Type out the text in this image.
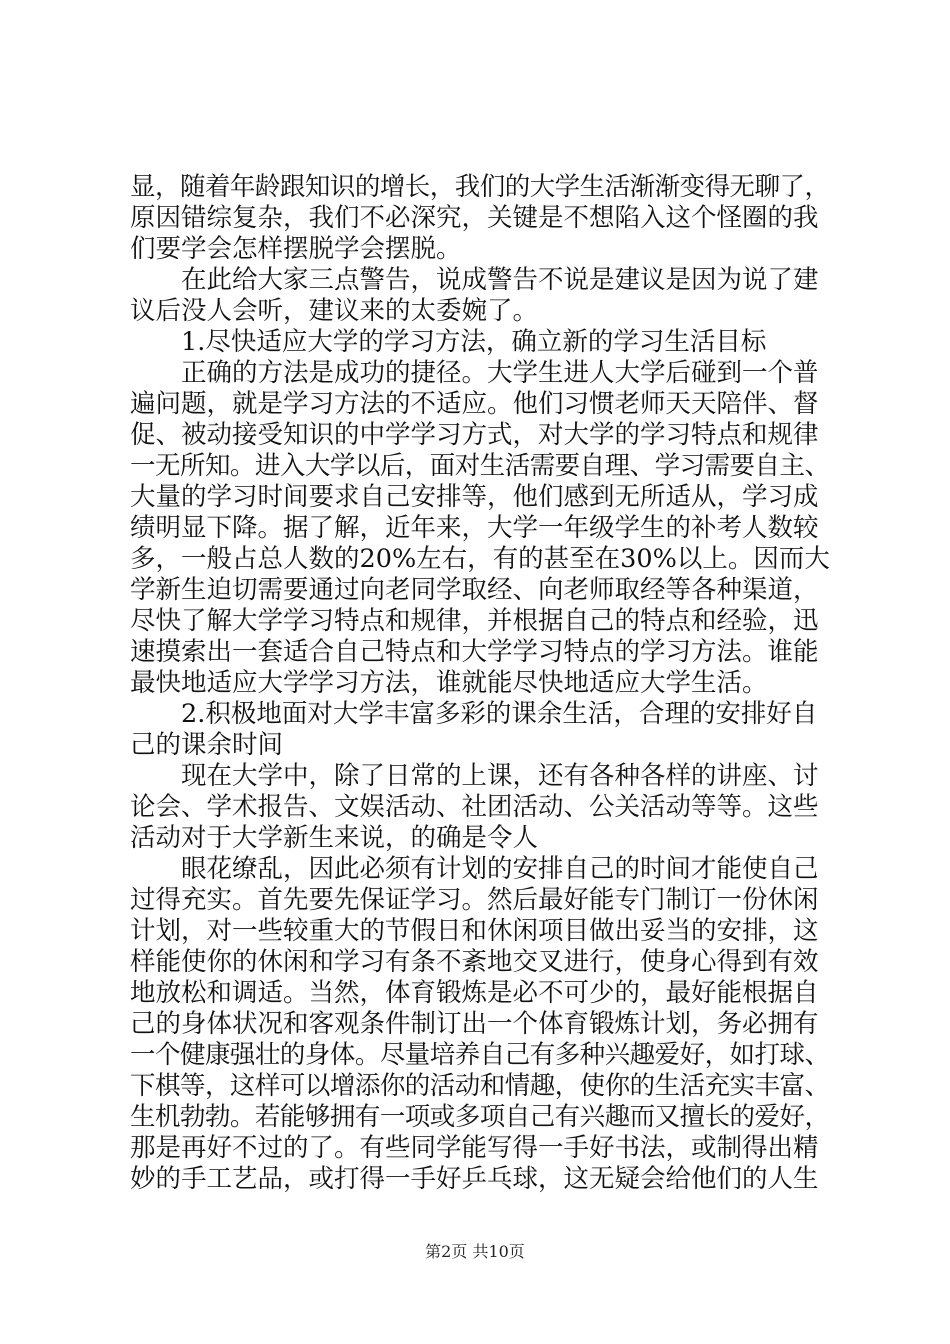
显，随着年龄跟知识的增长，我们的大学生活渐渐变得无聊了，
原因错综复杂，我们不必深究，关键是不想陷入这个怪圈的我
们要学会怎样摆脱学会摆脱。
　　在此给大家三点警告，说成警告不说是建议是因为说了建
议后没人会听，建议来的太委婉了。
　　1.尽快适应大学的学习方法，确立新的学习生活目标
　　正确的方法是成功的捷径。大学生进人大学后碰到一个普
遍问题，就是学习方法的不适应。他们习惯老师天天陪伴、督
促、被动接受知识的中学学习方式，对大学的学习特点和规律
一无所知。进入大学以后，面对生活需要自理、学习需要自主、
大量的学习时间要求自己安排等，他们感到无所适从，学习成
绩明显下降。据了解，近年来，大学一年级学生的补考人数较
多，一般占总人数的20%左右，有的甚至在30%以上。因而大
学新生迫切需要通过向老同学取经、向老师取经等各种渠道，
尽快了解大学学习特点和规律，并根据自己的特点和经验，迅
速摸索出一套适合自己特点和大学学习特点的学习方法。谁能
最快地适应大学学习方法，谁就能尽快地适应大学生活。
　　2.积极地面对大学丰富多彩的课余生活，合理的安排好自
己的课余时间
　　现在大学中，除了日常的上课，还有各种各样的讲座、讨
论会、学术报告、文娱活动、社团活动、公关活动等等。这些
活动对于大学新生来说，的确是令人
　　眼花缭乱，因此必须有计划的安排自己的时间才能使自己
过得充实。首先要先保证学习。然后最好能专门制订一份休闲
计划，对一些较重大的节假日和休闲项目做出妥当的安排，这
样能使你的休闲和学习有条不紊地交叉进行，使身心得到有效
地放松和调适。当然，体育锻炼是必不可少的，最好能根据自
己的身体状况和客观条件制订出一个体育锻炼计划，务必拥有
一个健康强壮的身体。尽量培养自己有多种兴趣爱好，如打球、
下棋等，这样可以增添你的活动和情趣，使你的生活充实丰富、
生机勃勃。若能够拥有一项或多项自己有兴趣而又擅长的爱好，
那是再好不过的了。有些同学能写得一手好书法，或制得出精
妙的手工艺品，或打得一手好乒乓球，这无疑会给他们的人生
第2页 共10页
